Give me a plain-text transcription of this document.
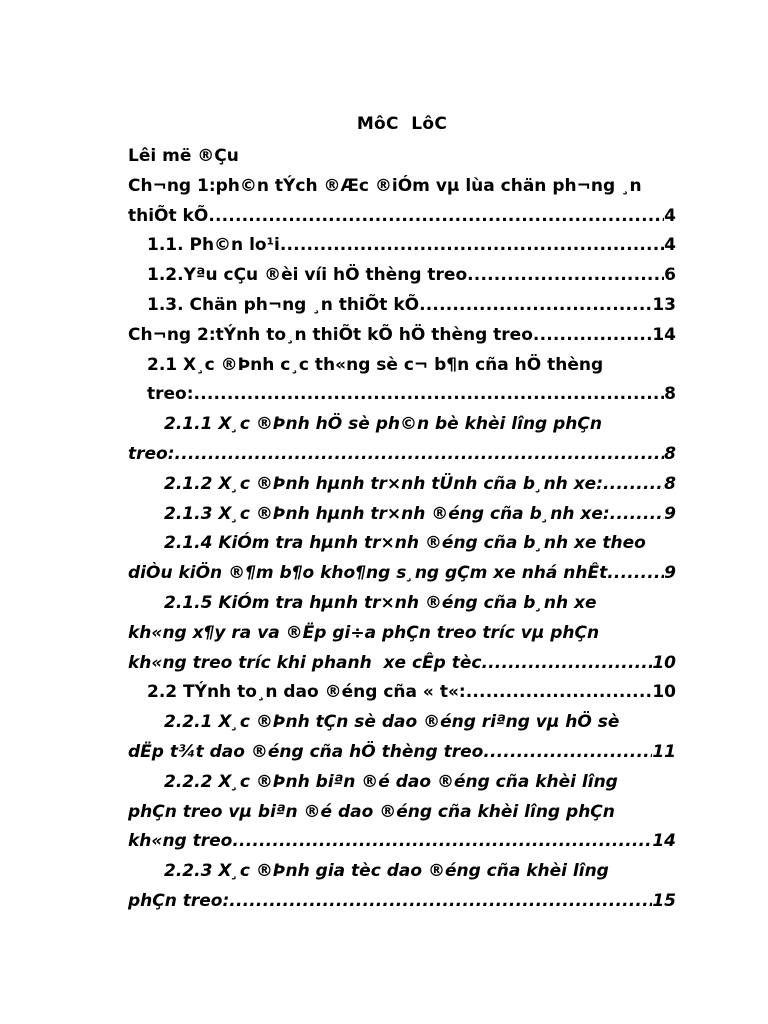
MôC  LôC
Lêi më ®Çu
Ch¬ng 1:ph©n tÝch ®Æc ®iÓm vµ lùa chän ph¬ng ¸n
thiÕt kÕ .....	4
1.1. Ph©n lo¹i .....	4
1.2.Yªu cÇu ®èi víi hÖ thèng treo .....	6
1.3. Chän ph¬ng ¸n thiÕt kÕ .....	13
Ch¬ng 2:tÝnh to¸n thiÕt kÕ hÖ thèng treo .....	14
2.1 X¸c ®Þnh c¸c th«ng sè c¬ b¶n cña hÖ thèng
treo: .....	8
2.1.1 X¸c ®Þnh hÖ sè ph©n bè khèi lîng phÇn
treo: .....	8
2.1.2 X¸c ®Þnh hµnh tr×nh tÜnh cña b¸nh xe: .....	8
2.1.3 X¸c ®Þnh hµnh tr×nh ®éng cña b¸nh xe: .....	9
2.1.4 KiÓm tra hµnh tr×nh ®éng cña b¸nh xe theo
diÒu kiÖn ®¶m b¶o kho¶ng s¸ng gÇm xe nhá nhÊt .....	9
2.1.5 KiÓm tra hµnh tr×nh ®éng cña b¸nh xe
kh«ng x¶y ra va ®Ëp gi÷a phÇn treo tríc vµ phÇn
kh«ng treo tríc khi phanh  xe cÊp tèc .....	10
2.2 TÝnh to¸n dao ®éng cña « t«: .....	10
2.2.1 X¸c ®Þnh tÇn sè dao ®éng riªng vµ hÖ sè
dËp t¾t dao ®éng cña hÖ thèng treo .....	11
2.2.2 X¸c ®Þnh biªn ®é dao ®éng cña khèi lîng
phÇn treo vµ biªn ®é dao ®éng cña khèi lîng phÇn
kh«ng treo .....	14
2.2.3 X¸c ®Þnh gia tèc dao ®éng cña khèi lîng
phÇn treo: .....	15
